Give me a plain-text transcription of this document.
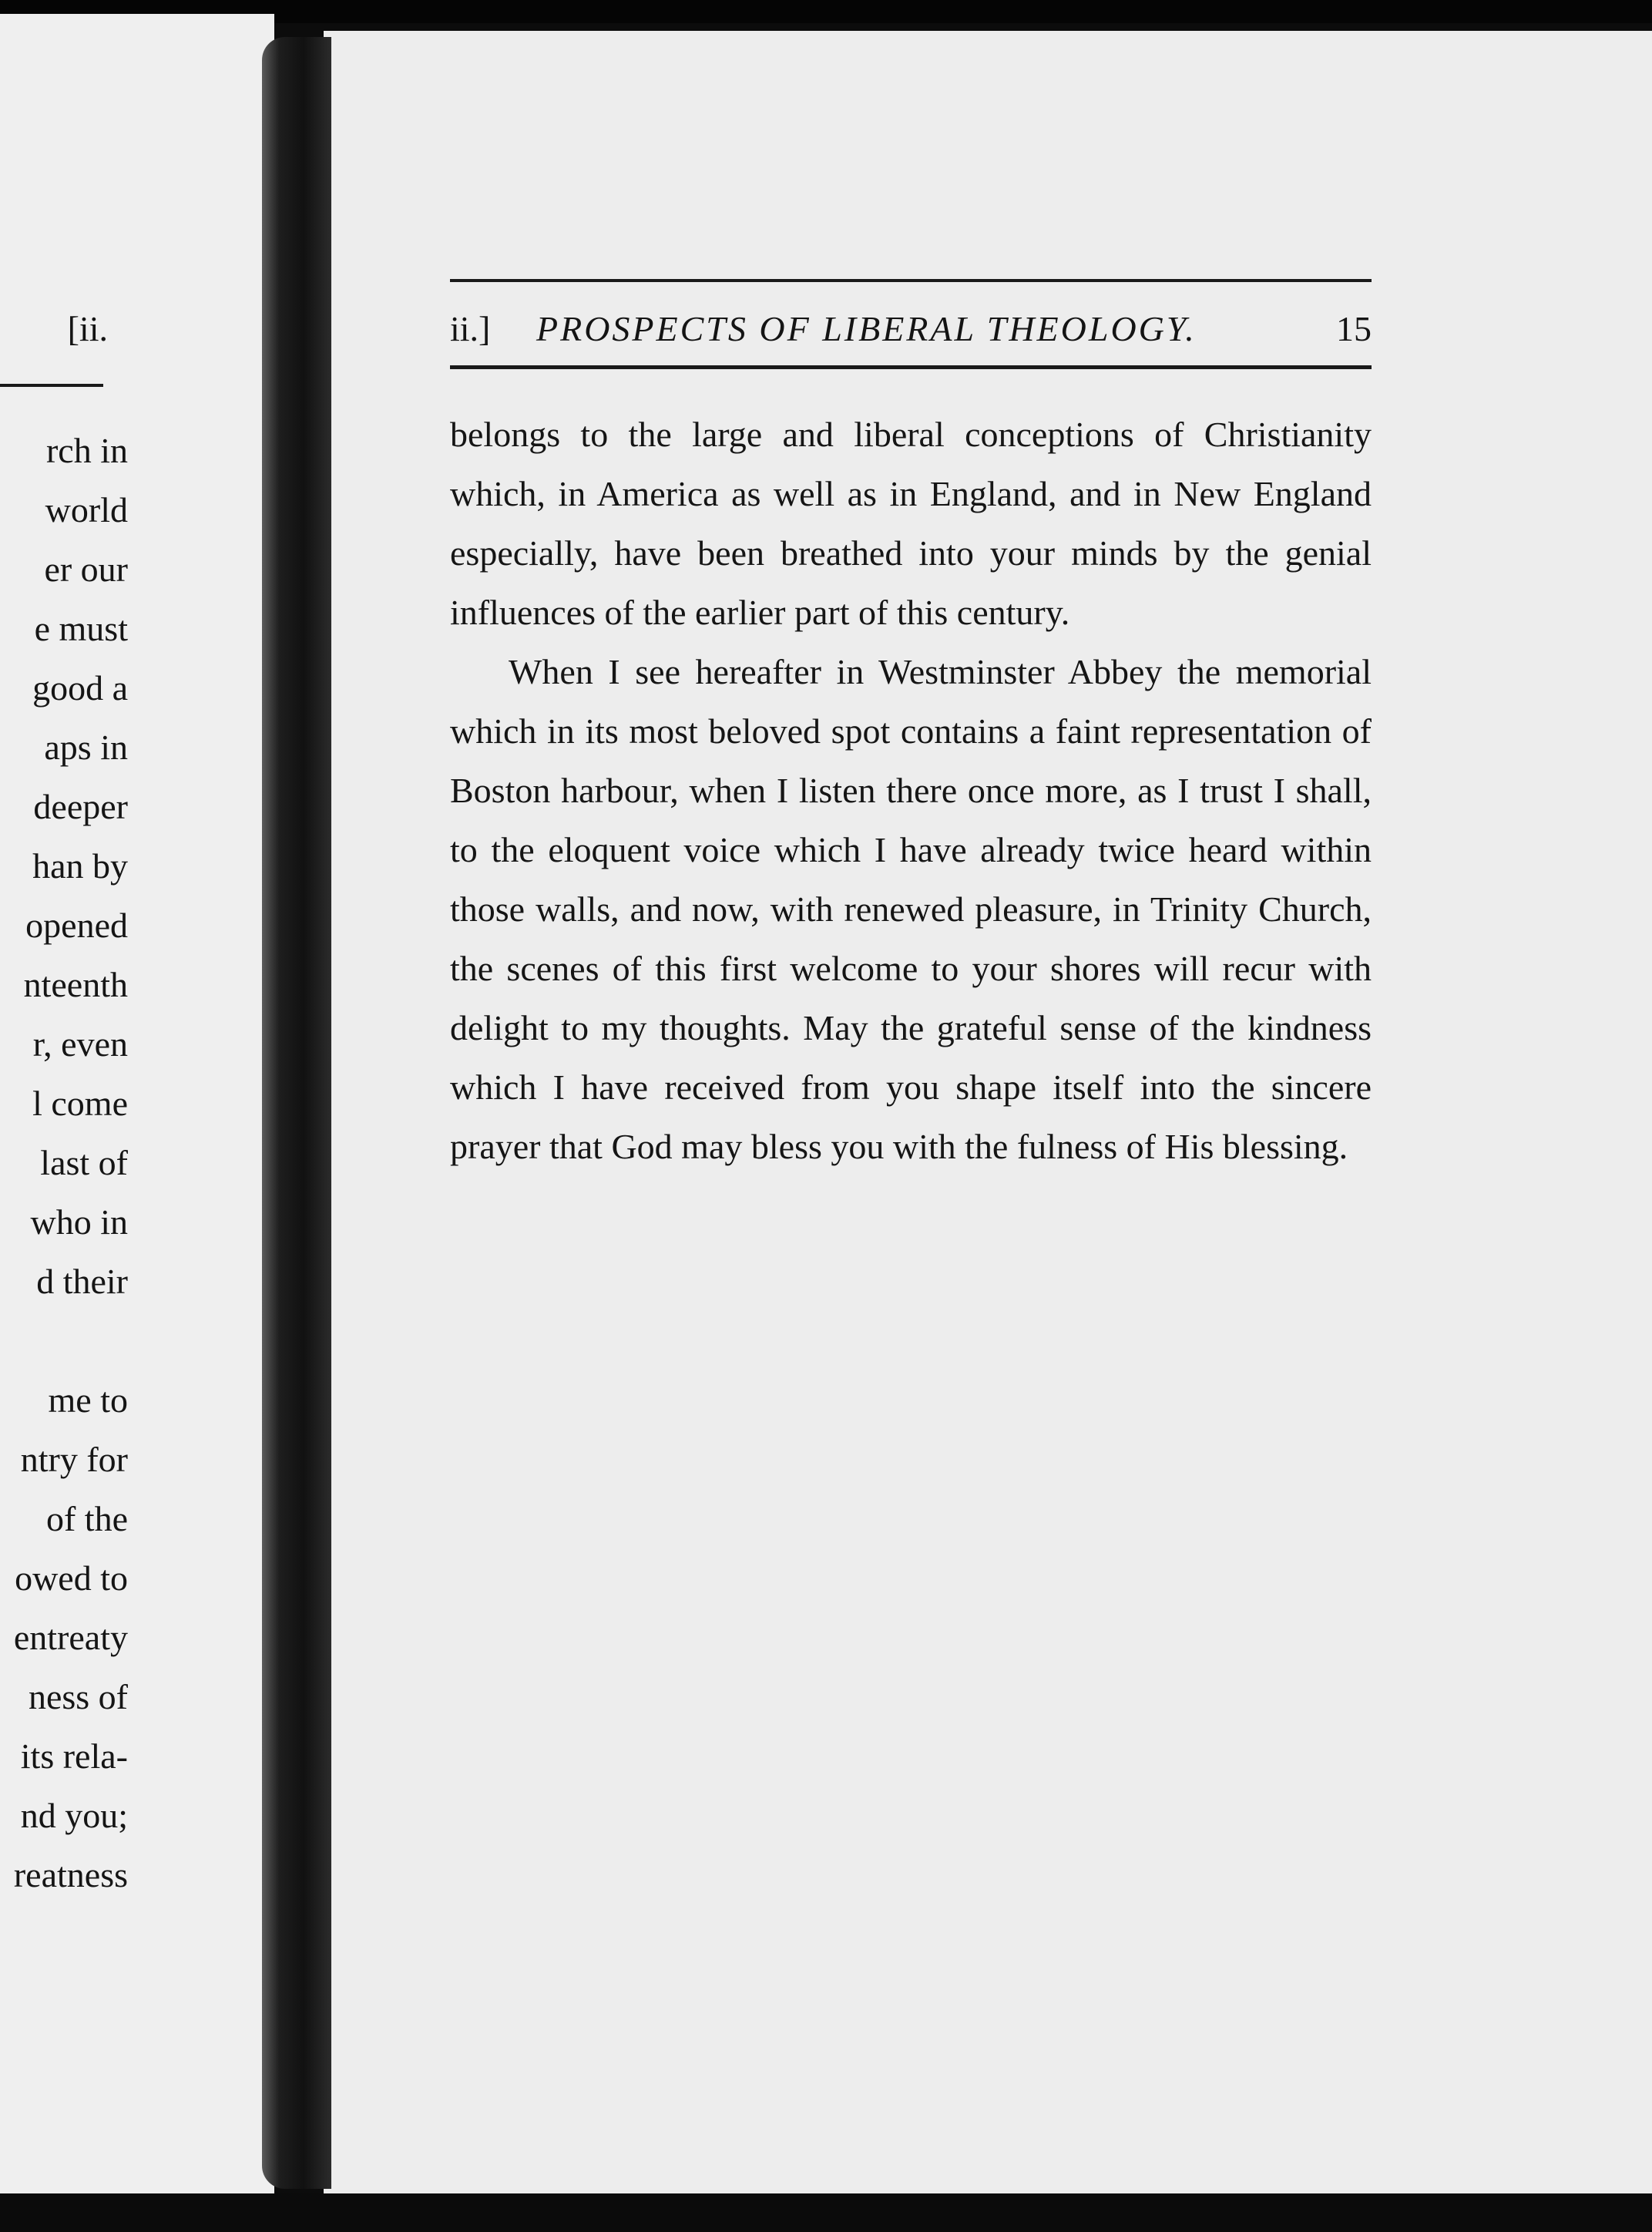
[ii.
rch in
world
er our
e must
good a
aps in
deeper
han by
opened
nteenth
r, even
l come
last of
who in
d their
me to
ntry for
of the
owed to
entreaty
ness of
its rela-
nd you;
reatness
ii.] PROSPECTS OF LIBERAL THEOLOGY.	15

belongs to the large and liberal conceptions of Christianity which, in America as well as in England, and in New England especially, have been breathed into your minds by the genial influences of the earlier part of this century.

When I see hereafter in Westminster Abbey the memorial which in its most beloved spot contains a faint representation of Boston harbour, when I listen there once more, as I trust I shall, to the eloquent voice which I have already twice heard within those walls, and now, with renewed pleasure, in Trinity Church, the scenes of this first welcome to your shores will recur with delight to my thoughts. May the grateful sense of the kindness which I have received from you shape itself into the sincere prayer that God may bless you with the fulness of His blessing.
